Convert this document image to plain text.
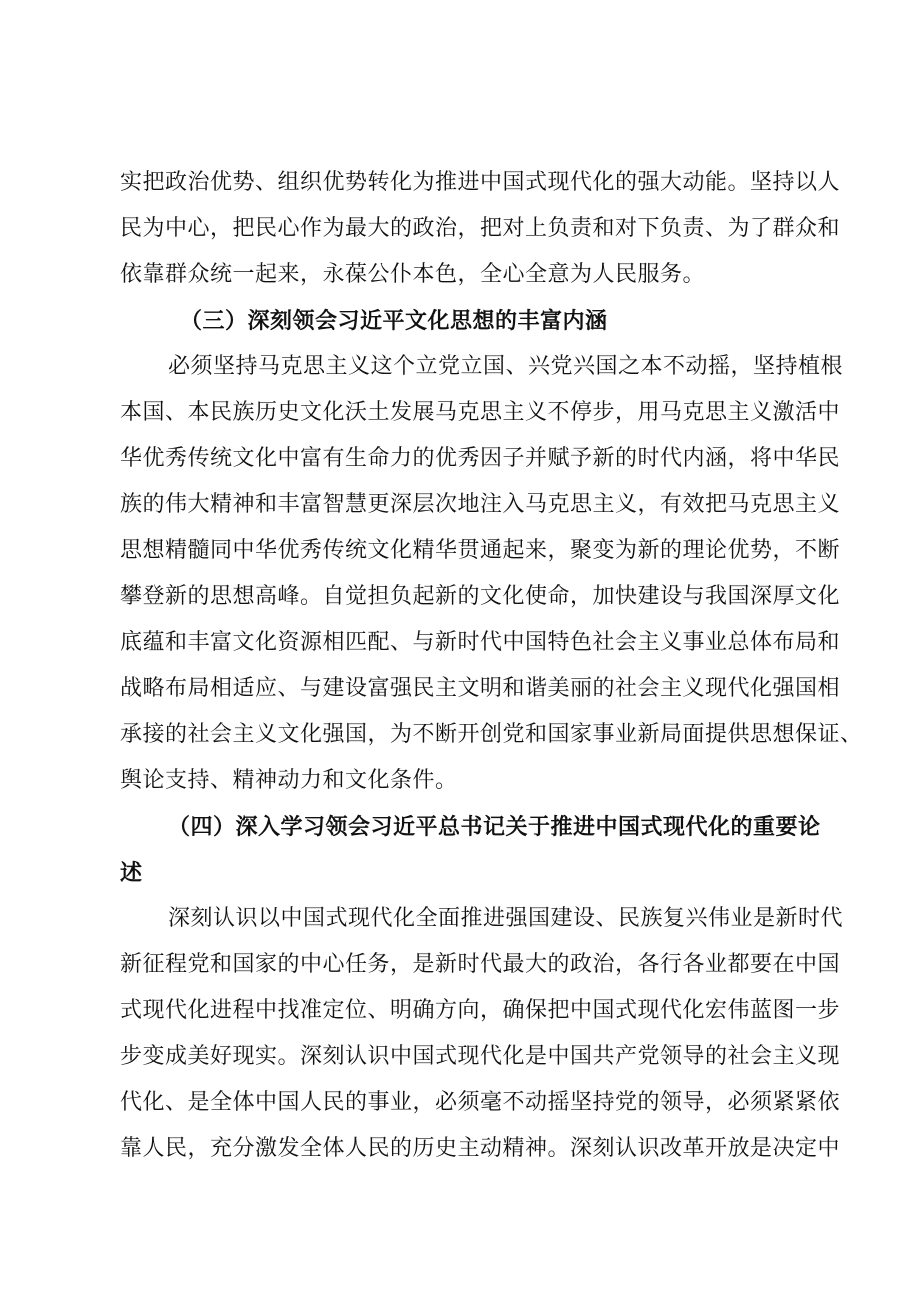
实把政治优势、组织优势转化为推进中国式现代化的强大动能。坚持以人
民为中心，把民心作为最大的政治，把对上负责和对下负责、为了群众和
依靠群众统一起来，永葆公仆本色，全心全意为人民服务。
（三）深刻领会习近平文化思想的丰富内涵
必须坚持马克思主义这个立党立国、兴党兴国之本不动摇，坚持植根
本国、本民族历史文化沃土发展马克思主义不停步，用马克思主义激活中
华优秀传统文化中富有生命力的优秀因子并赋予新的时代内涵，将中华民
族的伟大精神和丰富智慧更深层次地注入马克思主义，有效把马克思主义
思想精髓同中华优秀传统文化精华贯通起来，聚变为新的理论优势，不断
攀登新的思想高峰。自觉担负起新的文化使命，加快建设与我国深厚文化
底蕴和丰富文化资源相匹配、与新时代中国特色社会主义事业总体布局和
战略布局相适应、与建设富强民主文明和谐美丽的社会主义现代化强国相
承接的社会主义文化强国，为不断开创党和国家事业新局面提供思想保证、
舆论支持、精神动力和文化条件。
（四）深入学习领会习近平总书记关于推进中国式现代化的重要论
述
深刻认识以中国式现代化全面推进强国建设、民族复兴伟业是新时代
新征程党和国家的中心任务，是新时代最大的政治，各行各业都要在中国
式现代化进程中找准定位、明确方向，确保把中国式现代化宏伟蓝图一步
步变成美好现实。深刻认识中国式现代化是中国共产党领导的社会主义现
代化、是全体中国人民的事业，必须毫不动摇坚持党的领导，必须紧紧依
靠人民，充分激发全体人民的历史主动精神。深刻认识改革开放是决定中
